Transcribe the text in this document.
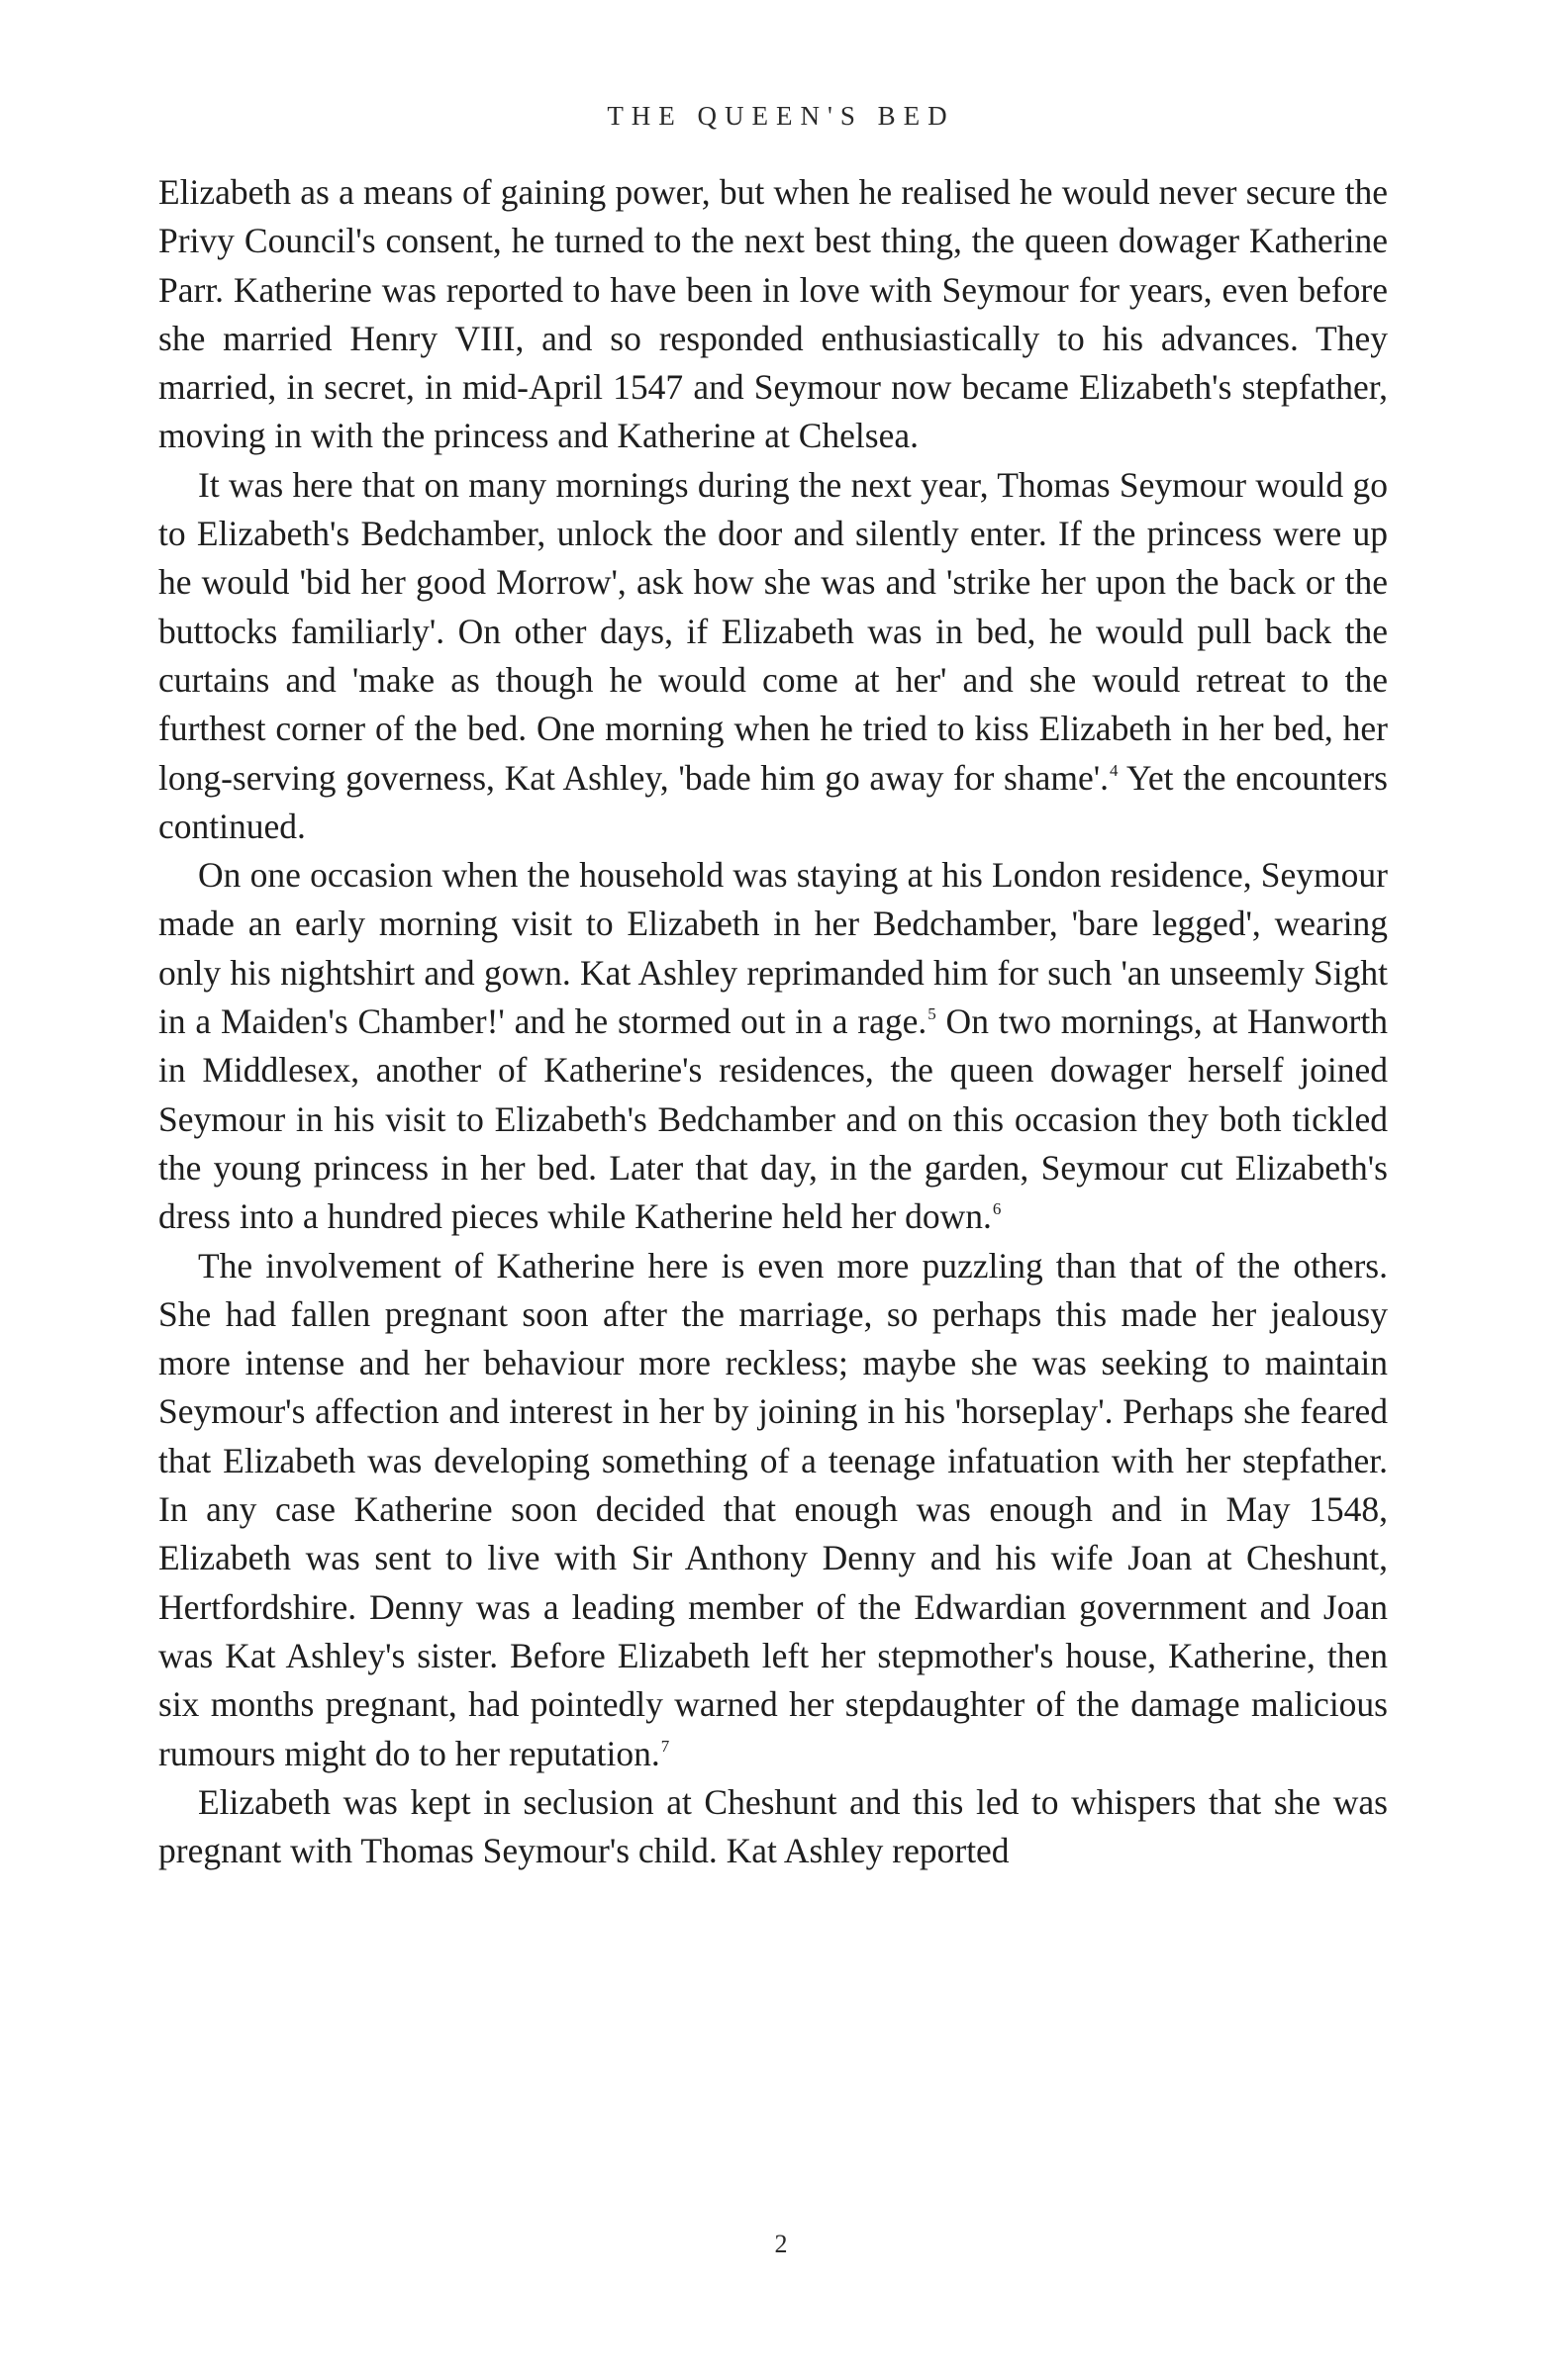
THE QUEEN'S BED

Elizabeth as a means of gaining power, but when he realised he would never secure the Privy Council's consent, he turned to the next best thing, the queen dowager Katherine Parr. Katherine was reported to have been in love with Seymour for years, even before she married Henry VIII, and so responded enthusiastically to his advances. They married, in secret, in mid-April 1547 and Seymour now became Elizabeth's stepfather, moving in with the princess and Katherine at Chelsea.

It was here that on many mornings during the next year, Thomas Seymour would go to Elizabeth's Bedchamber, unlock the door and silently enter. If the princess were up he would 'bid her good Morrow', ask how she was and 'strike her upon the back or the buttocks familiarly'. On other days, if Elizabeth was in bed, he would pull back the curtains and 'make as though he would come at her' and she would retreat to the furthest corner of the bed. One morning when he tried to kiss Elizabeth in her bed, her long-serving governess, Kat Ashley, 'bade him go away for shame'.$^4$ Yet the encounters continued.

On one occasion when the household was staying at his London residence, Seymour made an early morning visit to Elizabeth in her Bedchamber, 'bare legged', wearing only his nightshirt and gown. Kat Ashley reprimanded him for such 'an unseemly Sight in a Maiden's Chamber!' and he stormed out in a rage.$^5$ On two mornings, at Hanworth in Middlesex, another of Katherine's residences, the queen dowager herself joined Seymour in his visit to Elizabeth's Bedchamber and on this occasion they both tickled the young princess in her bed. Later that day, in the garden, Seymour cut Elizabeth's dress into a hundred pieces while Katherine held her down.$^6$

The involvement of Katherine here is even more puzzling than that of the others. She had fallen pregnant soon after the marriage, so perhaps this made her jealousy more intense and her behaviour more reckless; maybe she was seeking to maintain Seymour's affection and interest in her by joining in his 'horseplay'. Perhaps she feared that Elizabeth was developing something of a teenage infatuation with her stepfather. In any case Katherine soon decided that enough was enough and in May 1548, Elizabeth was sent to live with Sir Anthony Denny and his wife Joan at Cheshunt, Hertfordshire. Denny was a leading member of the Edwardian government and Joan was Kat Ashley's sister. Before Elizabeth left her stepmother's house, Katherine, then six months pregnant, had pointedly warned her stepdaughter of the damage malicious rumours might do to her reputation.$^7$

Elizabeth was kept in seclusion at Cheshunt and this led to whispers that she was pregnant with Thomas Seymour's child. Kat Ashley reported

2
